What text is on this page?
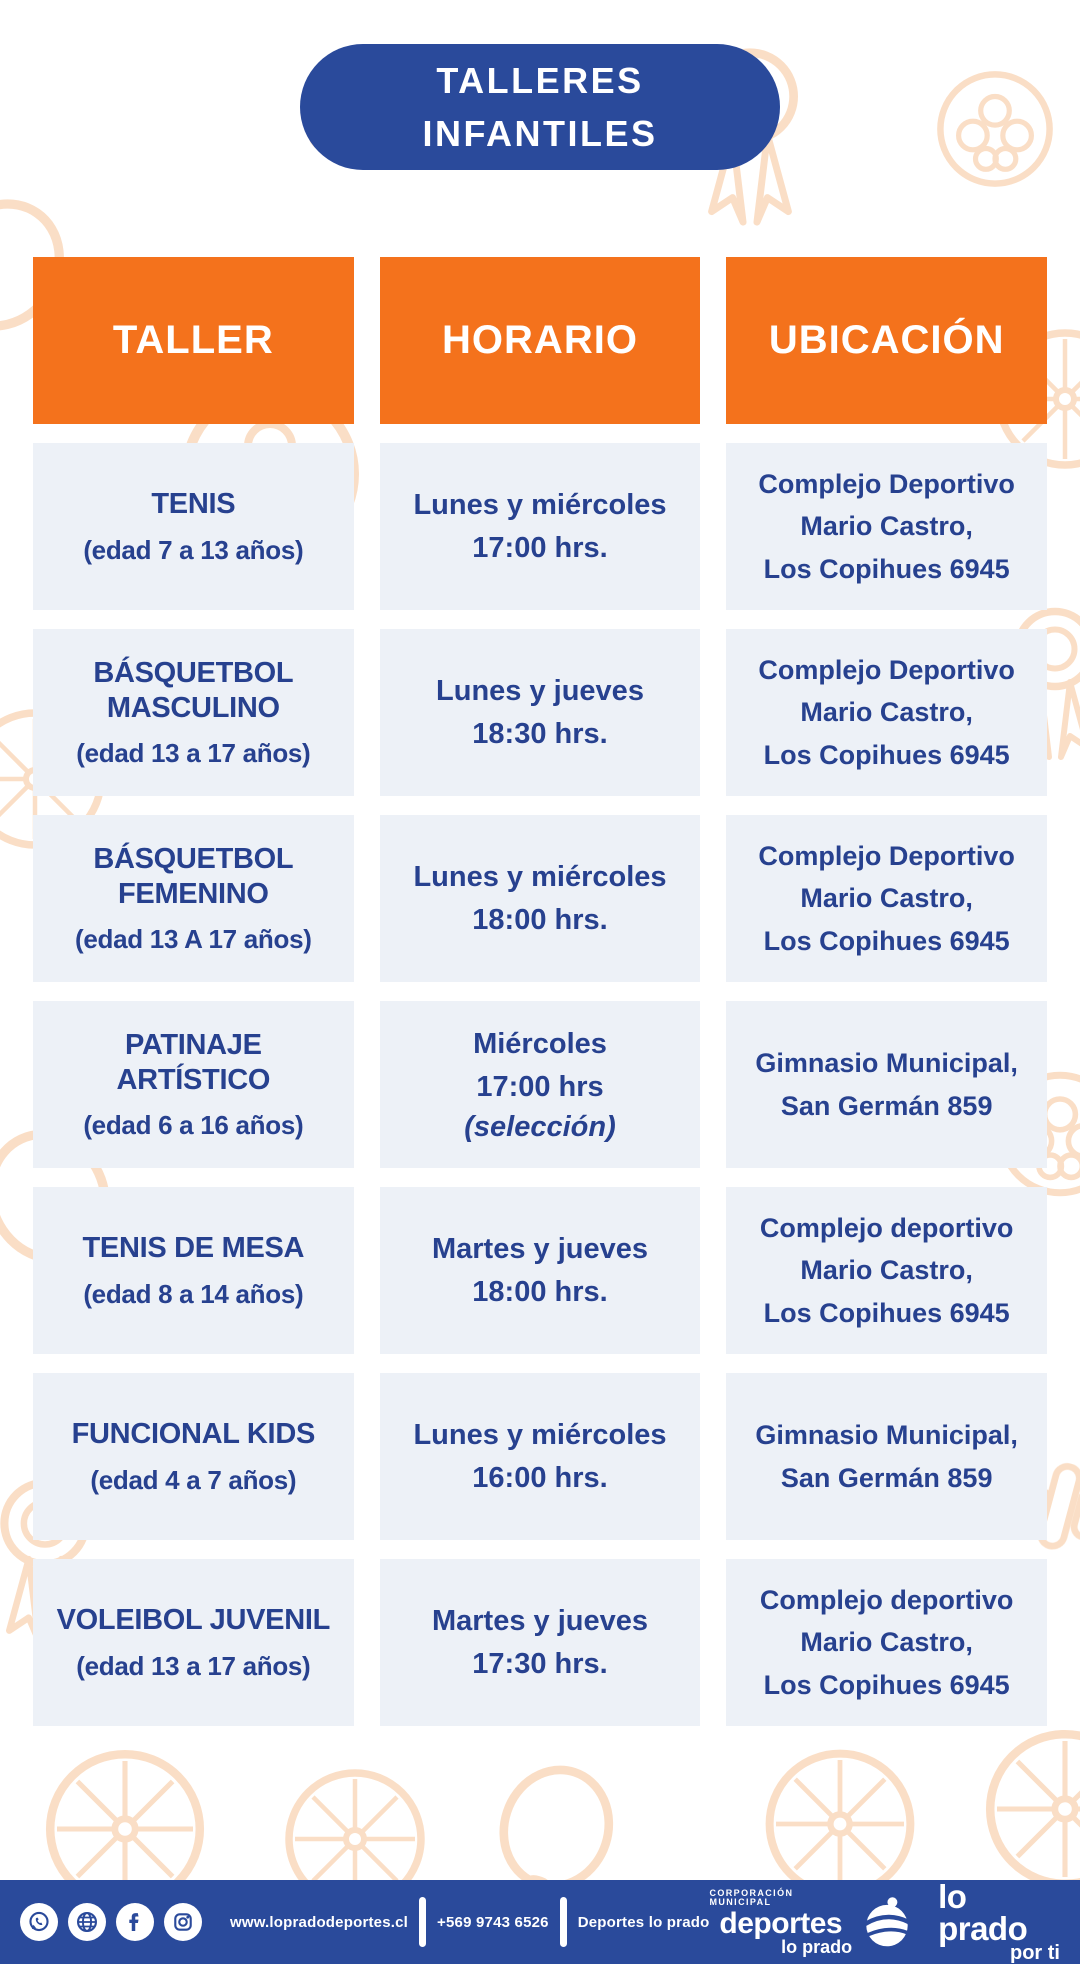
TALLERES
INFANTILES
TALLER	HORARIO	UBICACIÓN
TENIS
(edad 7 a 13 años)
Lunes y miércoles
17:00 hrs.
Complejo Deportivo
Mario Castro,
Los Copihues 6945
BÁSQUETBOL
MASCULINO
(edad 13 a 17 años)
Lunes y jueves
18:30 hrs.
Complejo Deportivo
Mario Castro,
Los Copihues 6945
BÁSQUETBOL
FEMENINO
(edad 13 A 17 años)
Lunes y miércoles
18:00 hrs.
Complejo Deportivo
Mario Castro,
Los Copihues 6945
PATINAJE
ARTÍSTICO
(edad 6 a 16 años)
Miércoles
17:00 hrs
(selección)
Gimnasio Municipal,
San Germán 859
TENIS DE MESA
(edad 8 a 14 años)
Martes y jueves
18:00 hrs.
Complejo deportivo
Mario Castro,
Los Copihues 6945
FUNCIONAL KIDS
(edad 4 a 7 años)
Lunes y miércoles
16:00 hrs.
Gimnasio Municipal,
San Germán 859
VOLEIBOL JUVENIL
(edad 13 a 17 años)
Martes y jueves
17:30 hrs.
Complejo deportivo
Mario Castro,
Los Copihues 6945
www.lopradodeportes.cl +569 9743 6526 Deportes lo prado
CORPORACIÓN MUNICIPAL
deportes
lo prado
lo prado
por ti
